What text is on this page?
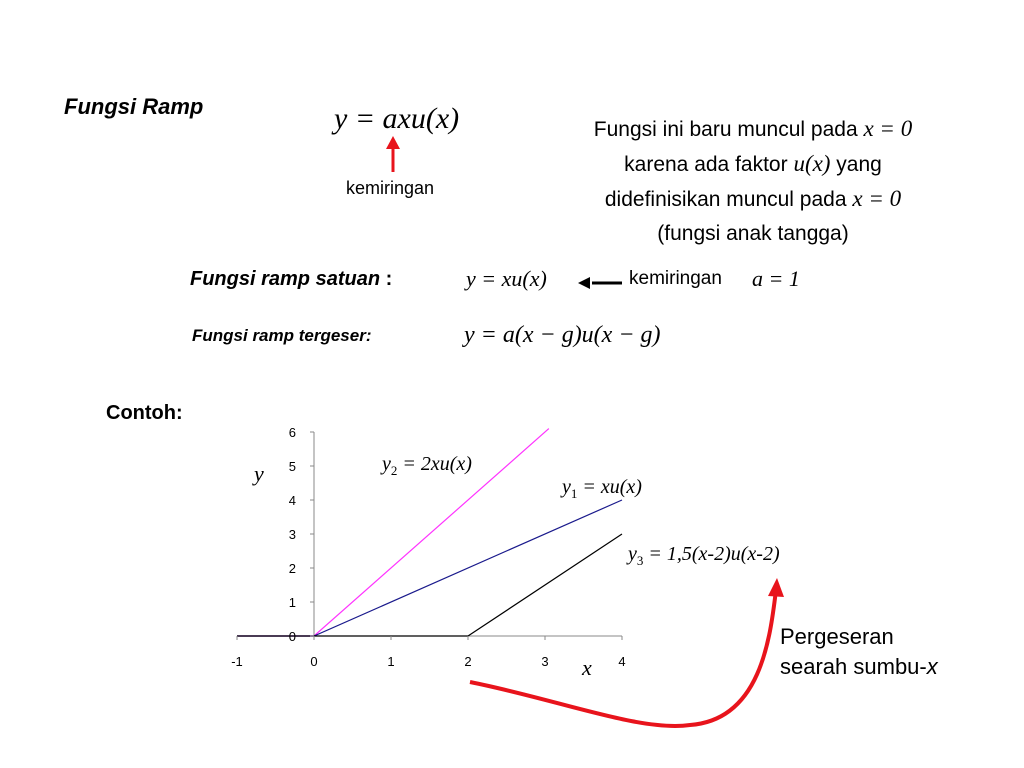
Fungsi Ramp	y = axu(x)
kemiringan
Fungsi ini baru muncul pada x = 0
karena ada faktor u(x) yang
didefinisikan muncul pada x = 0
(fungsi anak tangga)
Fungsi ramp satuan :	y = xu(x)	kemiringan a = 1
Fungsi ramp tergeser:	y = a(x − g)u(x − g)
Contoh:
Pergeseran
searah sumbu-x
0
1
2
3
4
5
6
-1	0	1	2	3	4
y
x
$y_2 = 2xu(x)$
$y_1 = xu(x)$
$y_3 = 1,5(x-2)u(x-2)$
